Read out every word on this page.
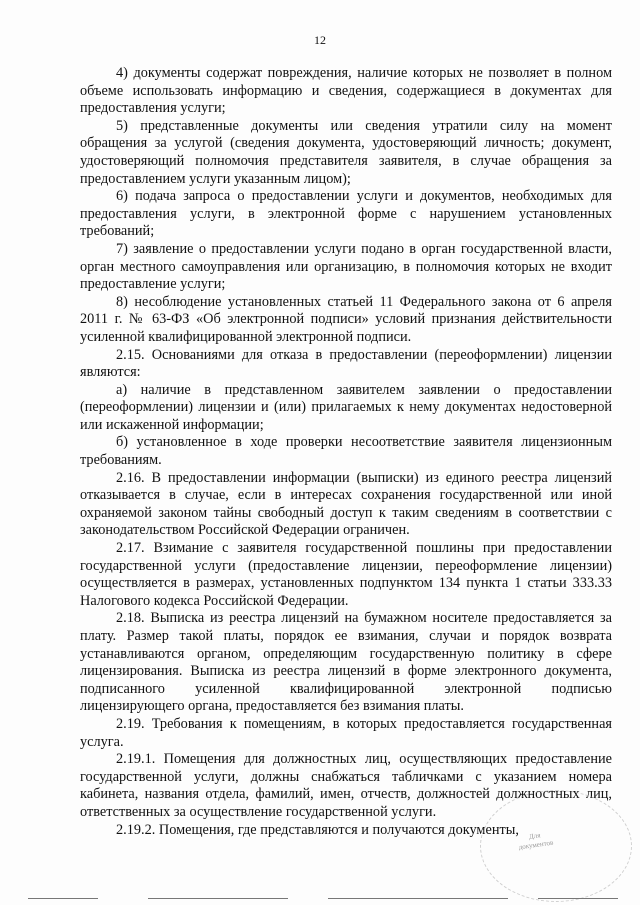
12

4) документы содержат повреждения, наличие которых не позволяет в полном объеме использовать информацию и сведения, содержащиеся в документах для предоставления услуги;

5) представленные документы или сведения утратили силу на момент обращения за услугой (сведения документа, удостоверяющий личность; документ, удостоверяющий полномочия представителя заявителя, в случае обращения за предоставлением услуги указанным лицом);

6) подача запроса о предоставлении услуги и документов, необходимых для предоставления услуги, в электронной форме с нарушением установленных требований;

7) заявление о предоставлении услуги подано в орган государственной власти, орган местного самоуправления или организацию, в полномочия которых не входит предоставление услуги;

8) несоблюдение установленных статьей 11 Федерального закона от 6 апреля 2011 г. № 63-ФЗ «Об электронной подписи» условий признания действительности усиленной квалифицированной электронной подписи.

2.15. Основаниями для отказа в предоставлении (переоформлении) лицензии являются:

а) наличие в представленном заявителем заявлении о предоставлении (переоформлении) лицензии и (или) прилагаемых к нему документах недостоверной или искаженной информации;

б) установленное в ходе проверки несоответствие заявителя лицензионным требованиям.

2.16. В предоставлении информации (выписки) из единого реестра лицензий отказывается в случае, если в интересах сохранения государственной или иной охраняемой законом тайны свободный доступ к таким сведениям в соответствии с законодательством Российской Федерации ограничен.

2.17. Взимание с заявителя государственной пошлины при предоставлении государственной услуги (предоставление лицензии, переоформление лицензии) осуществляется в размерах, установленных подпунктом 134 пункта 1 статьи 333.33 Налогового кодекса Российской Федерации.

2.18. Выписка из реестра лицензий на бумажном носителе предоставляется за плату. Размер такой платы, порядок ее взимания, случаи и порядок возврата устанавливаются органом, определяющим государственную политику в сфере лицензирования. Выписка из реестра лицензий в форме электронного документа, подписанного усиленной квалифицированной электронной подписью лицензирующего органа, предоставляется без взимания платы.

2.19. Требования к помещениям, в которых предоставляется государственная услуга.

2.19.1. Помещения для должностных лиц, осуществляющих предоставление государственной услуги, должны снабжаться табличками с указанием номера кабинета, названия отдела, фамилий, имен, отчеств, должностей должностных лиц, ответственных за осуществление государственной услуги.

2.19.2. Помещения, где представляются и получаются документы,	Для
документов
